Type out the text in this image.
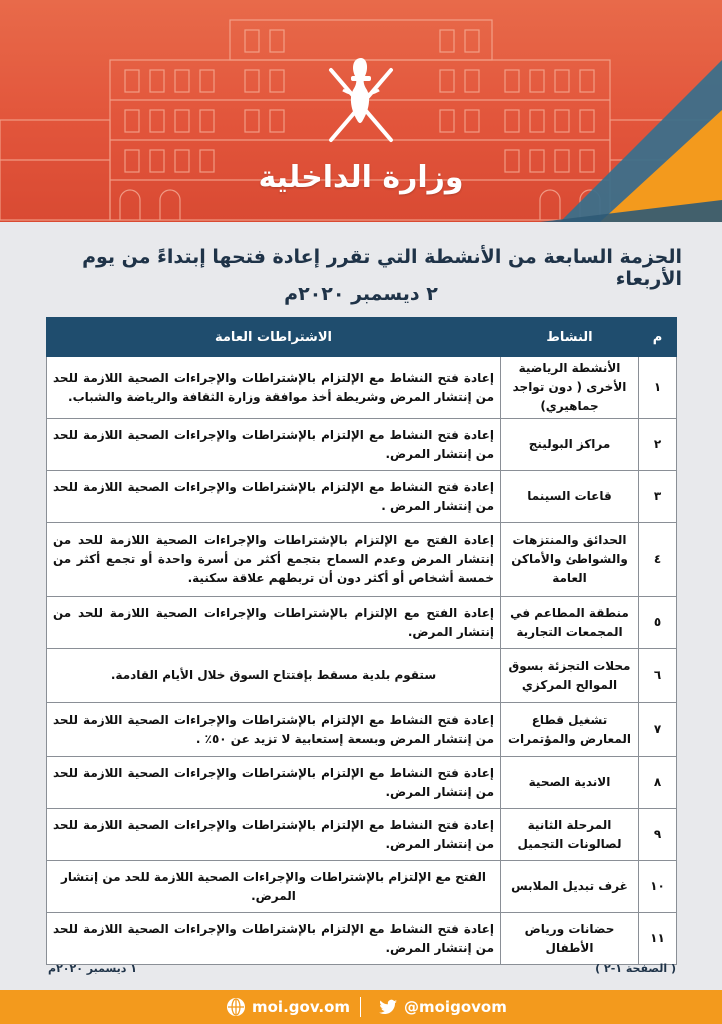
وزارة الداخلية
الحزمة السابعة من الأنشطة التي تقرر إعادة فتحها إبتداءً من يوم الأربعاء
٢ ديسمبر ٢٠٢٠م
م	النشاط	الاشتراطات العامة
١	الأنشطة الرياضية الأخرى ( دون تواجد جماهيري)	إعادة فتح النشاط مع الإلتزام بالإشتراطات والإجراءات الصحية اللازمة للحد من إنتشار المرض وشريطة أخذ موافقة وزارة الثقافة والرياضة والشباب.
٢	مراكز البولينج	إعادة فتح النشاط مع الإلتزام بالإشتراطات والإجراءات الصحية اللازمة للحد من إنتشار المرض.
٣	قاعات السينما	إعادة فتح النشاط مع الإلتزام بالإشتراطات والإجراءات الصحية اللازمة للحد من إنتشار المرض .
٤	الحدائق والمنتزهات والشواطئ والأماكن العامة	إعادة الفتح مع الإلتزام بالإشتراطات والإجراءات الصحية اللازمة للحد من إنتشار المرض وعدم السماح بتجمع أكثر من أسرة واحدة أو تجمع أكثر من خمسة أشخاص أو أكثر دون أن تربطهم علاقة سكنية.
٥	منطقة المطاعم في المجمعات التجارية	إعادة الفتح مع الإلتزام بالإشتراطات والإجراءات الصحية اللازمة للحد من إنتشار المرض.
٦	محلات التجزئة بسوق الموالح المركزي	ستقوم بلدية مسقط بإفتتاح السوق خلال الأيام القادمة.
٧	تشغيل قطاع المعارض والمؤتمرات	إعادة فتح النشاط مع الإلتزام بالإشتراطات والإجراءات الصحية اللازمة للحد من إنتشار المرض وبسعة إستعابية لا تزيد عن ٥٠٪ .
٨	الاندية الصحية	إعادة فتح النشاط مع الإلتزام بالإشتراطات والإجراءات الصحية اللازمة للحد من إنتشار المرض.
٩	المرحلة الثانية لصالونات التجميل	إعادة فتح النشاط مع الإلتزام بالإشتراطات والإجراءات الصحية اللازمة للحد من إنتشار المرض.
١٠	غرف تبديل الملابس	الفتح مع الإلتزام بالإشتراطات والإجراءات الصحية اللازمة للحد من إنتشار المرض.
١١	حضانات ورياض الأطفال	إعادة فتح النشاط مع الإلتزام بالإشتراطات والإجراءات الصحية اللازمة للحد من إنتشار المرض.
١ ديسمبر ٢٠٢٠م	( الصفحة ١-٢ )
moi.gov.om	@moigovom
